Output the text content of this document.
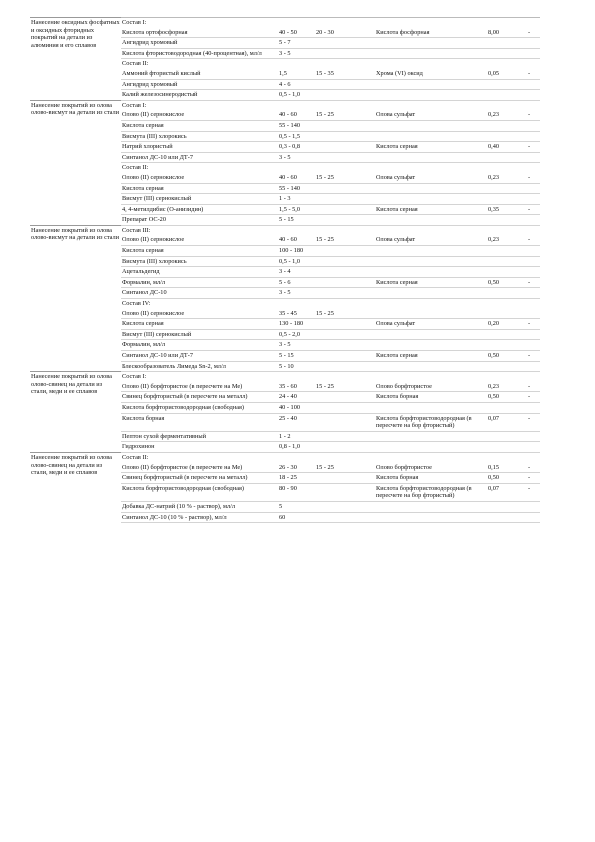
Нанесение оксидных фосфатных и оксидных фторидных покрытий на детали из алюминия и его сплавов	Состав I:					
	Кислота ортофосфорная	40 - 50	20 - 30	Кислота фосфорная	8,00	-
	Ангидрид хромовый	5 - 7				
	Кислота фтористоводородная (40-процентная), мл/л	3 - 5				
	Состав II:					
	Аммоний фтористый кислый	1,5	15 - 35	Хрома (VI) оксид	0,05	-
	Ангидрид хромовый	4 - 6				
	Калий железосинеродистый	0,5 - 1,0				
Нанесение покрытий из олова олово-висмут на детали из стали	Состав I:					
	Олово (II) сернокислое	40 - 60	15 - 25	Олова сульфат	0,23	-
	Кислота серная	55 - 140				
	Висмута (III) хлорокись	0,5 - 1,5				
	Натрий хлористый	0,3 - 0,8		Кислота серная	0,40	-
	Синтанол ДС-10 или ДТ-7	3 - 5				
	Состав II:					
	Олово (II) сернокислое	40 - 60	15 - 25	Олова сульфат	0,23	-
	Кислота серная	55 - 140				
	Висмут (III) сернокислый	1 - 3				
	4, 4-метилдибис (О-анизидин)	1,5 - 5,0		Кислота серная	0,35	-
	Препарат ОС-20	5 - 15				
Нанесение покрытий из олова олово-висмут на детали из стали	Состав III:					
	Олово (II) сернокислое	40 - 60	15 - 25	Олова сульфат	0,23	-
	Кислота серная	100 - 180				
	Висмута (III) хлорокись	0,5 - 1,0				
	Ацетальдегид	3 - 4				
	Формалин, мл/л	5 - 6		Кислота серная	0,50	-
	Синтанол ДС-10	3 - 5				
	Состав IV:					
	Олово (II) сернокислое	35 - 45	15 - 25			
	Кислота серная	130 - 180		Олова сульфат	0,20	-
	Висмут (III) сернокислый	0,5 - 2,0				
	Формалин, мл/л	3 - 5				
	Синтанол ДС-10 или ДТ-7	5 - 15		Кислота серная	0,50	-
	Блескообразователь Лимеда Sn-2, мл/л	5 - 10				
Нанесение покрытий из олова олово-свинец на детали из стали, меди и ее сплавов	Состав I:					
	Олово (II) борфтористое (в пересчете на Ме)	35 - 60	15 - 25	Олово борфтористое	0,23	-
	Свинец борфтористый (в пересчете на металл)	24 - 40		Кислота борная	0,50	-
	Кислота борфтористоводородная (свободная)	40 - 100				
	Кислота борная	25 - 40		Кислота борфтористоводородная (в пересчете на бор фтористый)	0,07	-
	Пептон сухой ферментативный	1 - 2				
	Гидрохинон	0,8 - 1,0				
Нанесение покрытий из олова олово-свинец на детали из стали, меди и ее сплавов	Состав II:					
	Олово (II) борфтористое (в пересчете на Ме)	26 - 30	15 - 25	Олово борфтористое	0,15	-
	Свинец борфтористый (в пересчете на металл)	18 - 25		Кислота борная	0,50	-
	Кислота борфтористоводородная (свободная)	80 - 90		Кислота борфтористоводородная (в пересчете на бор фтористый)	0,07	-
	Добавка ДС-натрий (10 % - раствор), мл/л	5				
	Синтанол ДС-10 (10 % - раствор), мл/л	60				
